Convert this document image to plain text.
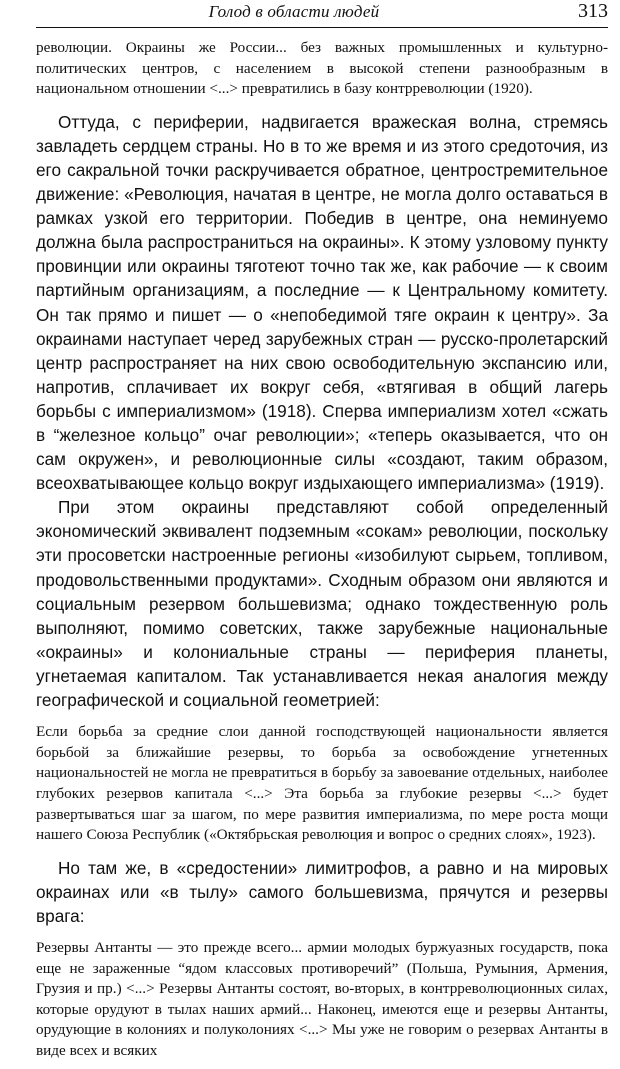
Голод в области людей	313

революции. Окраины же России... без важных промышленных и культурно-политических центров, с населением в высокой степени разнообразным в национальном отношении <...> превратились в базу контрреволюции (1920).

Оттуда, с периферии, надвигается вражеская волна, стремясь завладеть сердцем страны. Но в то же время и из этого средоточия, из его сакральной точки раскручивается обратное, центростремительное движение: «Революция, начатая в центре, не могла долго оставаться в рамках узкой его территории. Победив в центре, она неминуемо должна была распространиться на окраины». К этому узловому пункту провинции или окраины тяготеют точно так же, как рабочие — к своим партийным организациям, а последние — к Центральному комитету. Он так прямо и пишет — о «непобедимой тяге окраин к центру». За окраинами наступает черед зарубежных стран — русско-пролетарский центр распространяет на них свою освободительную экспансию или, напротив, сплачивает их вокруг себя, «втягивая в общий лагерь борьбы с империализмом» (1918). Сперва империализм хотел «сжать в “железное кольцо” очаг революции»; «теперь оказывается, что он сам окружен», и революционные силы «создают, таким образом, всеохватывающее кольцо вокруг издыхающего империализма» (1919).

При этом окраины представляют собой определенный экономический эквивалент подземным «сокам» революции, поскольку эти просоветски настроенные регионы «изобилуют сырьем, топливом, продовольственными продуктами». Сходным образом они являются и социальным резервом большевизма; однако тождественную роль выполняют, помимо советских, также зарубежные национальные «окраины» и колониальные страны — периферия планеты, угнетаемая капиталом. Так устанавливается некая аналогия между географической и социальной геометрией:

Если борьба за средние слои данной господствующей национальности является борьбой за ближайшие резервы, то борьба за освобождение угнетенных национальностей не могла не превратиться в борьбу за завоевание отдельных, наиболее глубоких резервов капитала <...> Эта борьба за глубокие резервы <...> будет развертываться шаг за шагом, по мере развития империализма, по мере роста мощи нашего Союза Республик («Октябрьская революция и вопрос о средних слоях», 1923).

Но там же, в «средостении» лимитрофов, а равно и на мировых окраинах или «в тылу» самого большевизма, прячутся и резервы врага:

Резервы Антанты — это прежде всего... армии молодых буржуазных государств, пока еще не зараженные “ядом классовых противоречий” (Польша, Румыния, Армения, Грузия и пр.) <...> Резервы Антанты состоят, во-вторых, в контрреволюционных силах, которые орудуют в тылах наших армий... Наконец, имеются еще и резервы Антанты, орудующие в колониях и полуколониях <...> Мы уже не говорим о резервах Антанты в виде всех и всяких
